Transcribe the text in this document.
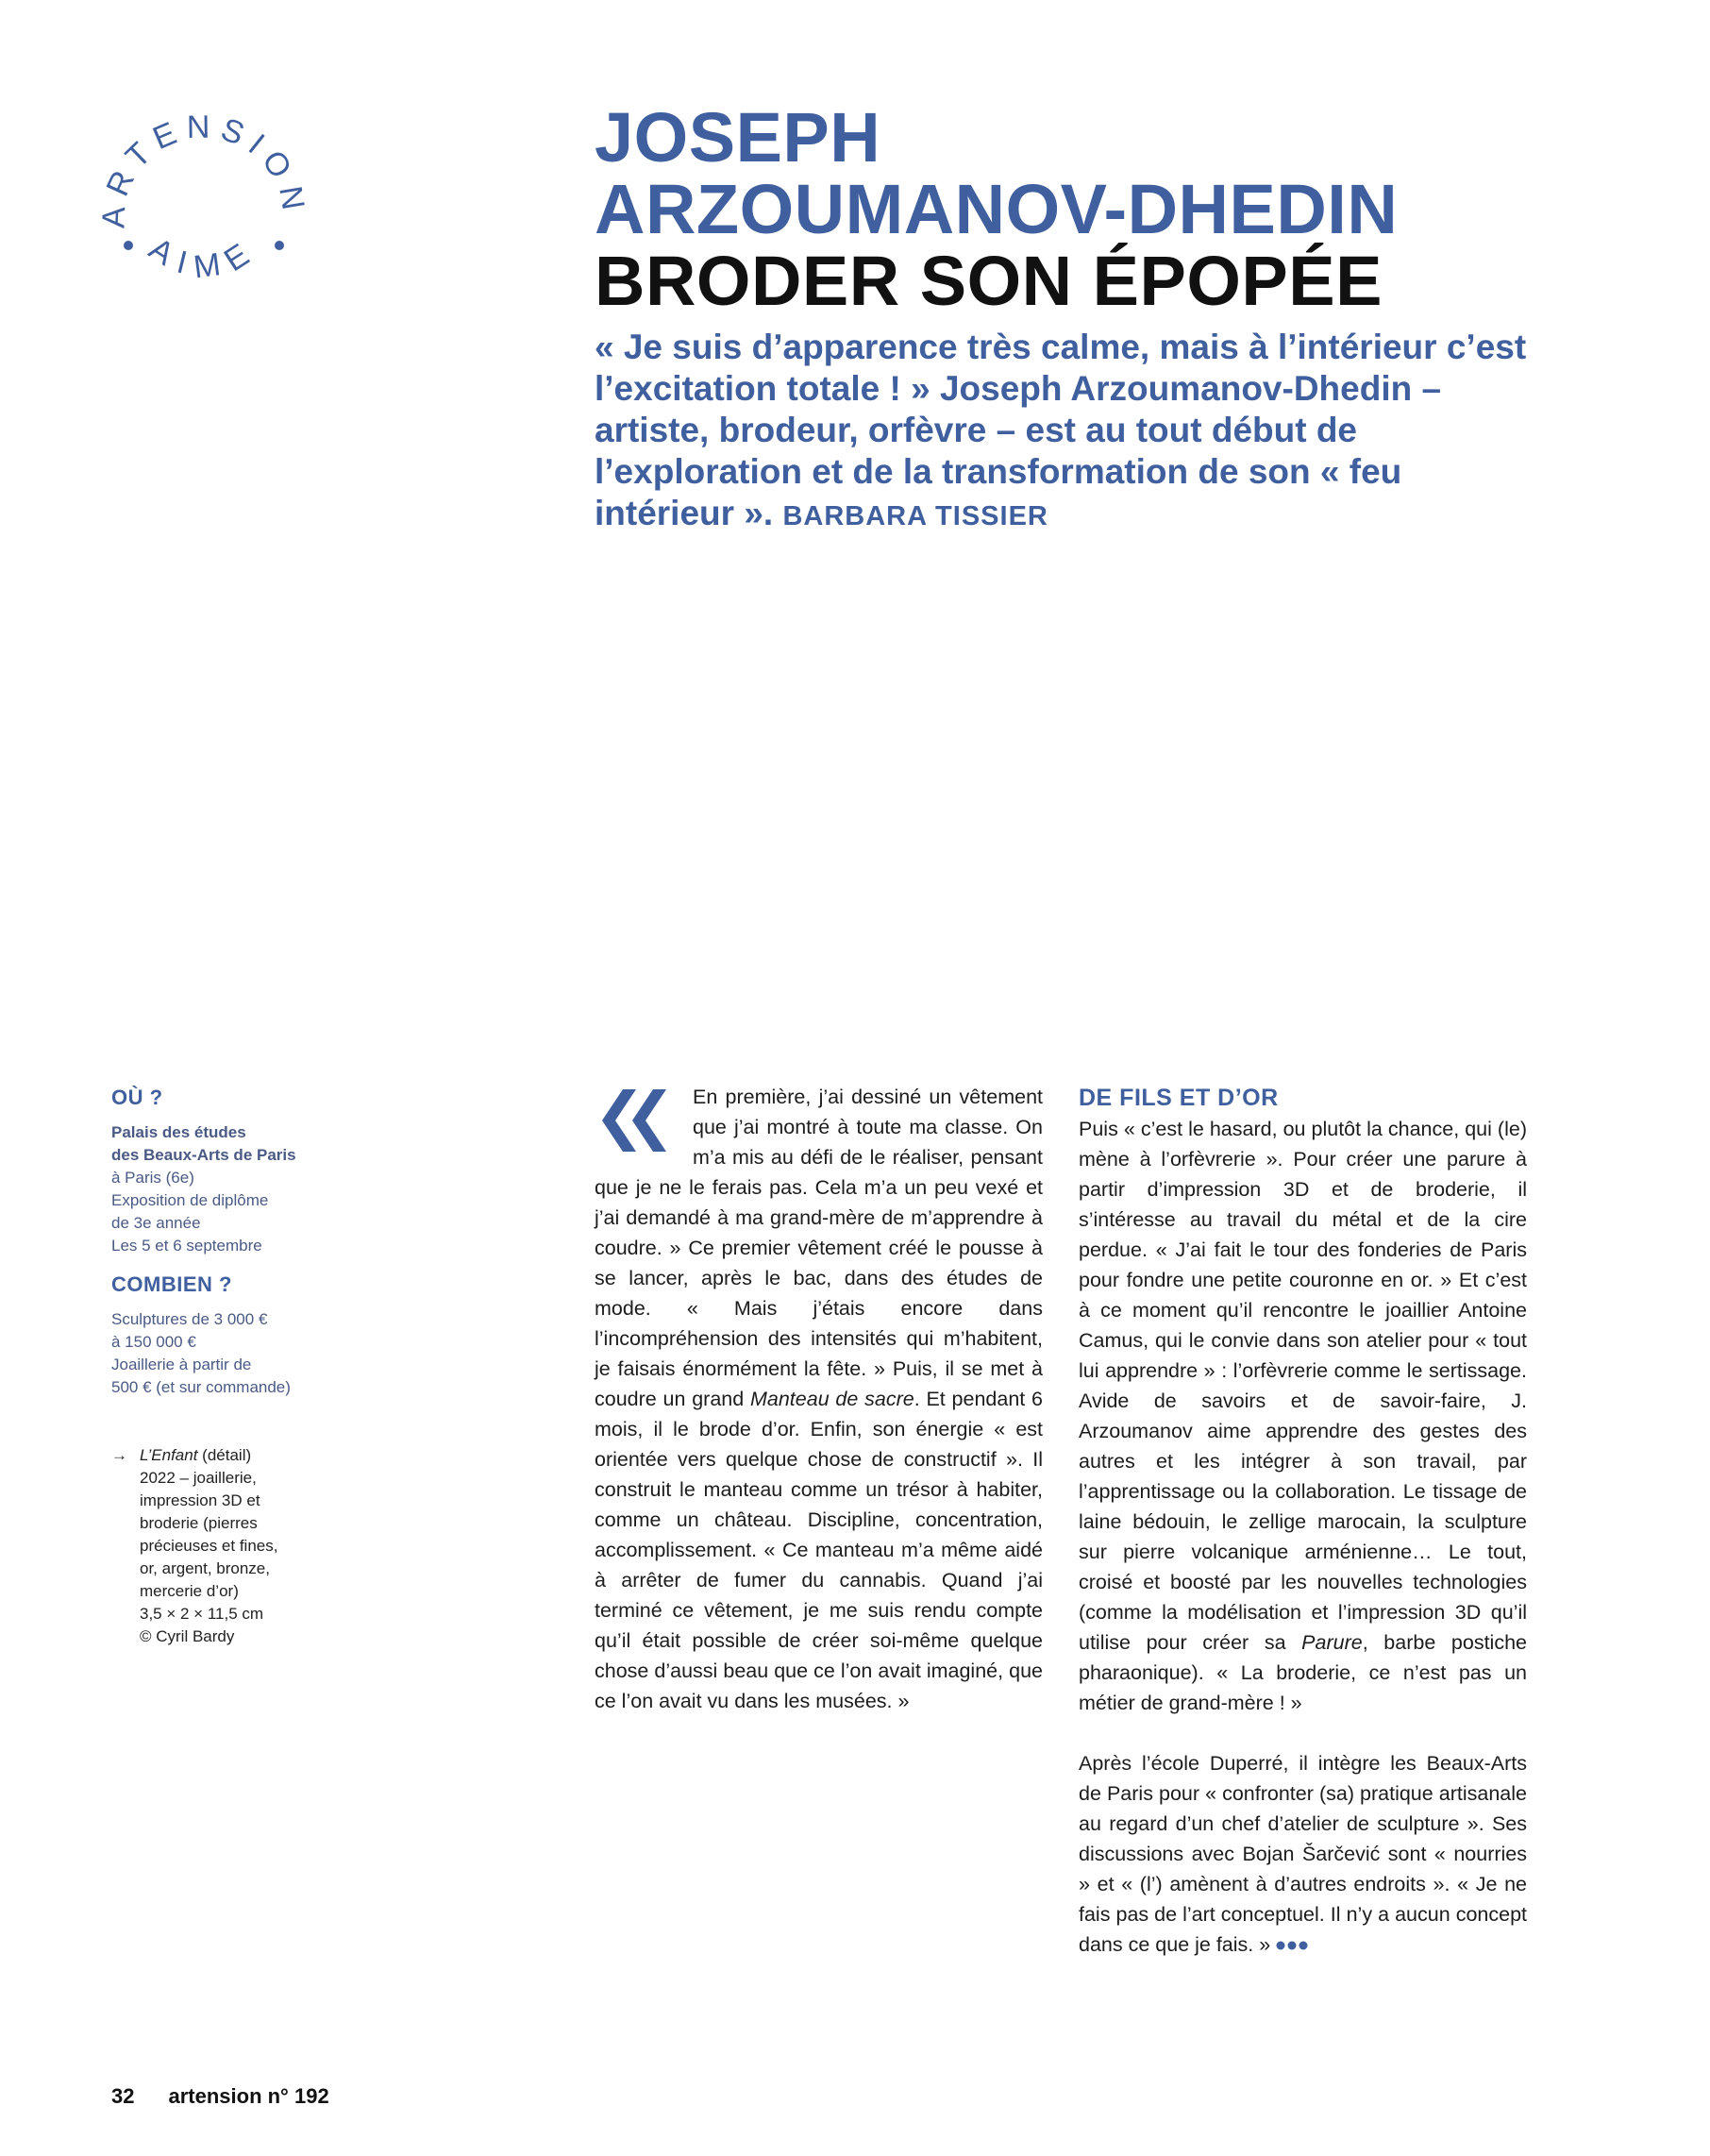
ARTENSION
AIME

JOSEPH

ARZOUMANOV-DHEDIN

BRODER SON ÉPOPÉE

« Je suis d’apparence très calme, mais à l’intérieur c’est l’excitation totale ! » Joseph Arzoumanov-Dhedin – artiste, brodeur, orfèvre – est au tout début de l’exploration et de la transformation de son « feu intérieur ». BARBARA TISSIER

OÙ ?

Palais des études

des Beaux-Arts de Paris

à Paris (6e)

Exposition de diplôme

de 3e année

Les 5 et 6 septembre

COMBIEN ?

Sculptures de 3 000 €

à 150 000 €

Joaillerie à partir de

500 € (et sur commande)

→ L’Enfant (détail)
2022 – joaillerie,
impression 3D et
broderie (pierres
précieuses et fines,
or, argent, bronze,
mercerie d’or)
3,5 × 2 × 11,5 cm
© Cyril Bardy

En première, j’ai dessiné un vêtement que j’ai montré à toute ma classe. On m’a mis au défi de le réaliser, pensant que je ne le ferais pas. Cela m’a un peu vexé et j’ai demandé à ma grand-mère de m’apprendre à coudre. » Ce premier vêtement créé le pousse à se lancer, après le bac, dans des études de mode. « Mais j’étais encore dans l’incompréhension des intensités qui m’habitent, je faisais énormément la fête. » Puis, il se met à coudre un grand Manteau de sacre. Et pendant 6 mois, il le brode d’or. Enfin, son énergie « est orientée vers quelque chose de constructif ». Il construit le manteau comme un trésor à habiter, comme un château. Discipline, concentration, accomplissement. « Ce manteau m’a même aidé à arrêter de fumer du cannabis. Quand j’ai terminé ce vêtement, je me suis rendu compte qu’il était possible de créer soi-même quelque chose d’aussi beau que ce l’on avait imaginé, que ce l’on avait vu dans les musées. »

DE FILS ET D’OR

Puis « c’est le hasard, ou plutôt la chance, qui (le) mène à l’orfèvrerie ». Pour créer une parure à partir d’impression 3D et de broderie, il s’intéresse au travail du métal et de la cire perdue. « J’ai fait le tour des fonderies de Paris pour fondre une petite couronne en or. » Et c’est à ce moment qu’il rencontre le joaillier Antoine Camus, qui le convie dans son atelier pour « tout lui apprendre » : l’orfèvrerie comme le sertissage. Avide de savoirs et de savoir-faire, J. Arzoumanov aime apprendre des gestes des autres et les intégrer à son travail, par l’apprentissage ou la collaboration. Le tissage de laine bédouin, le zellige marocain, la sculpture sur pierre volcanique arménienne… Le tout, croisé et boosté par les nouvelles technologies (comme la modélisation et l’impression 3D qu’il utilise pour créer sa Parure, barbe postiche pharaonique). « La broderie, ce n’est pas un métier de grand-mère ! »

Après l’école Duperré, il intègre les Beaux-Arts de Paris pour « confronter (sa) pratique artisanale au regard d’un chef d’atelier de sculpture ». Ses discussions avec Bojan Šarčević sont « nourries » et « (l’) amènent à d’autres endroits ». « Je ne fais pas de l’art conceptuel. Il n’y a aucun concept dans ce que je fais. »

32 artension n° 192
